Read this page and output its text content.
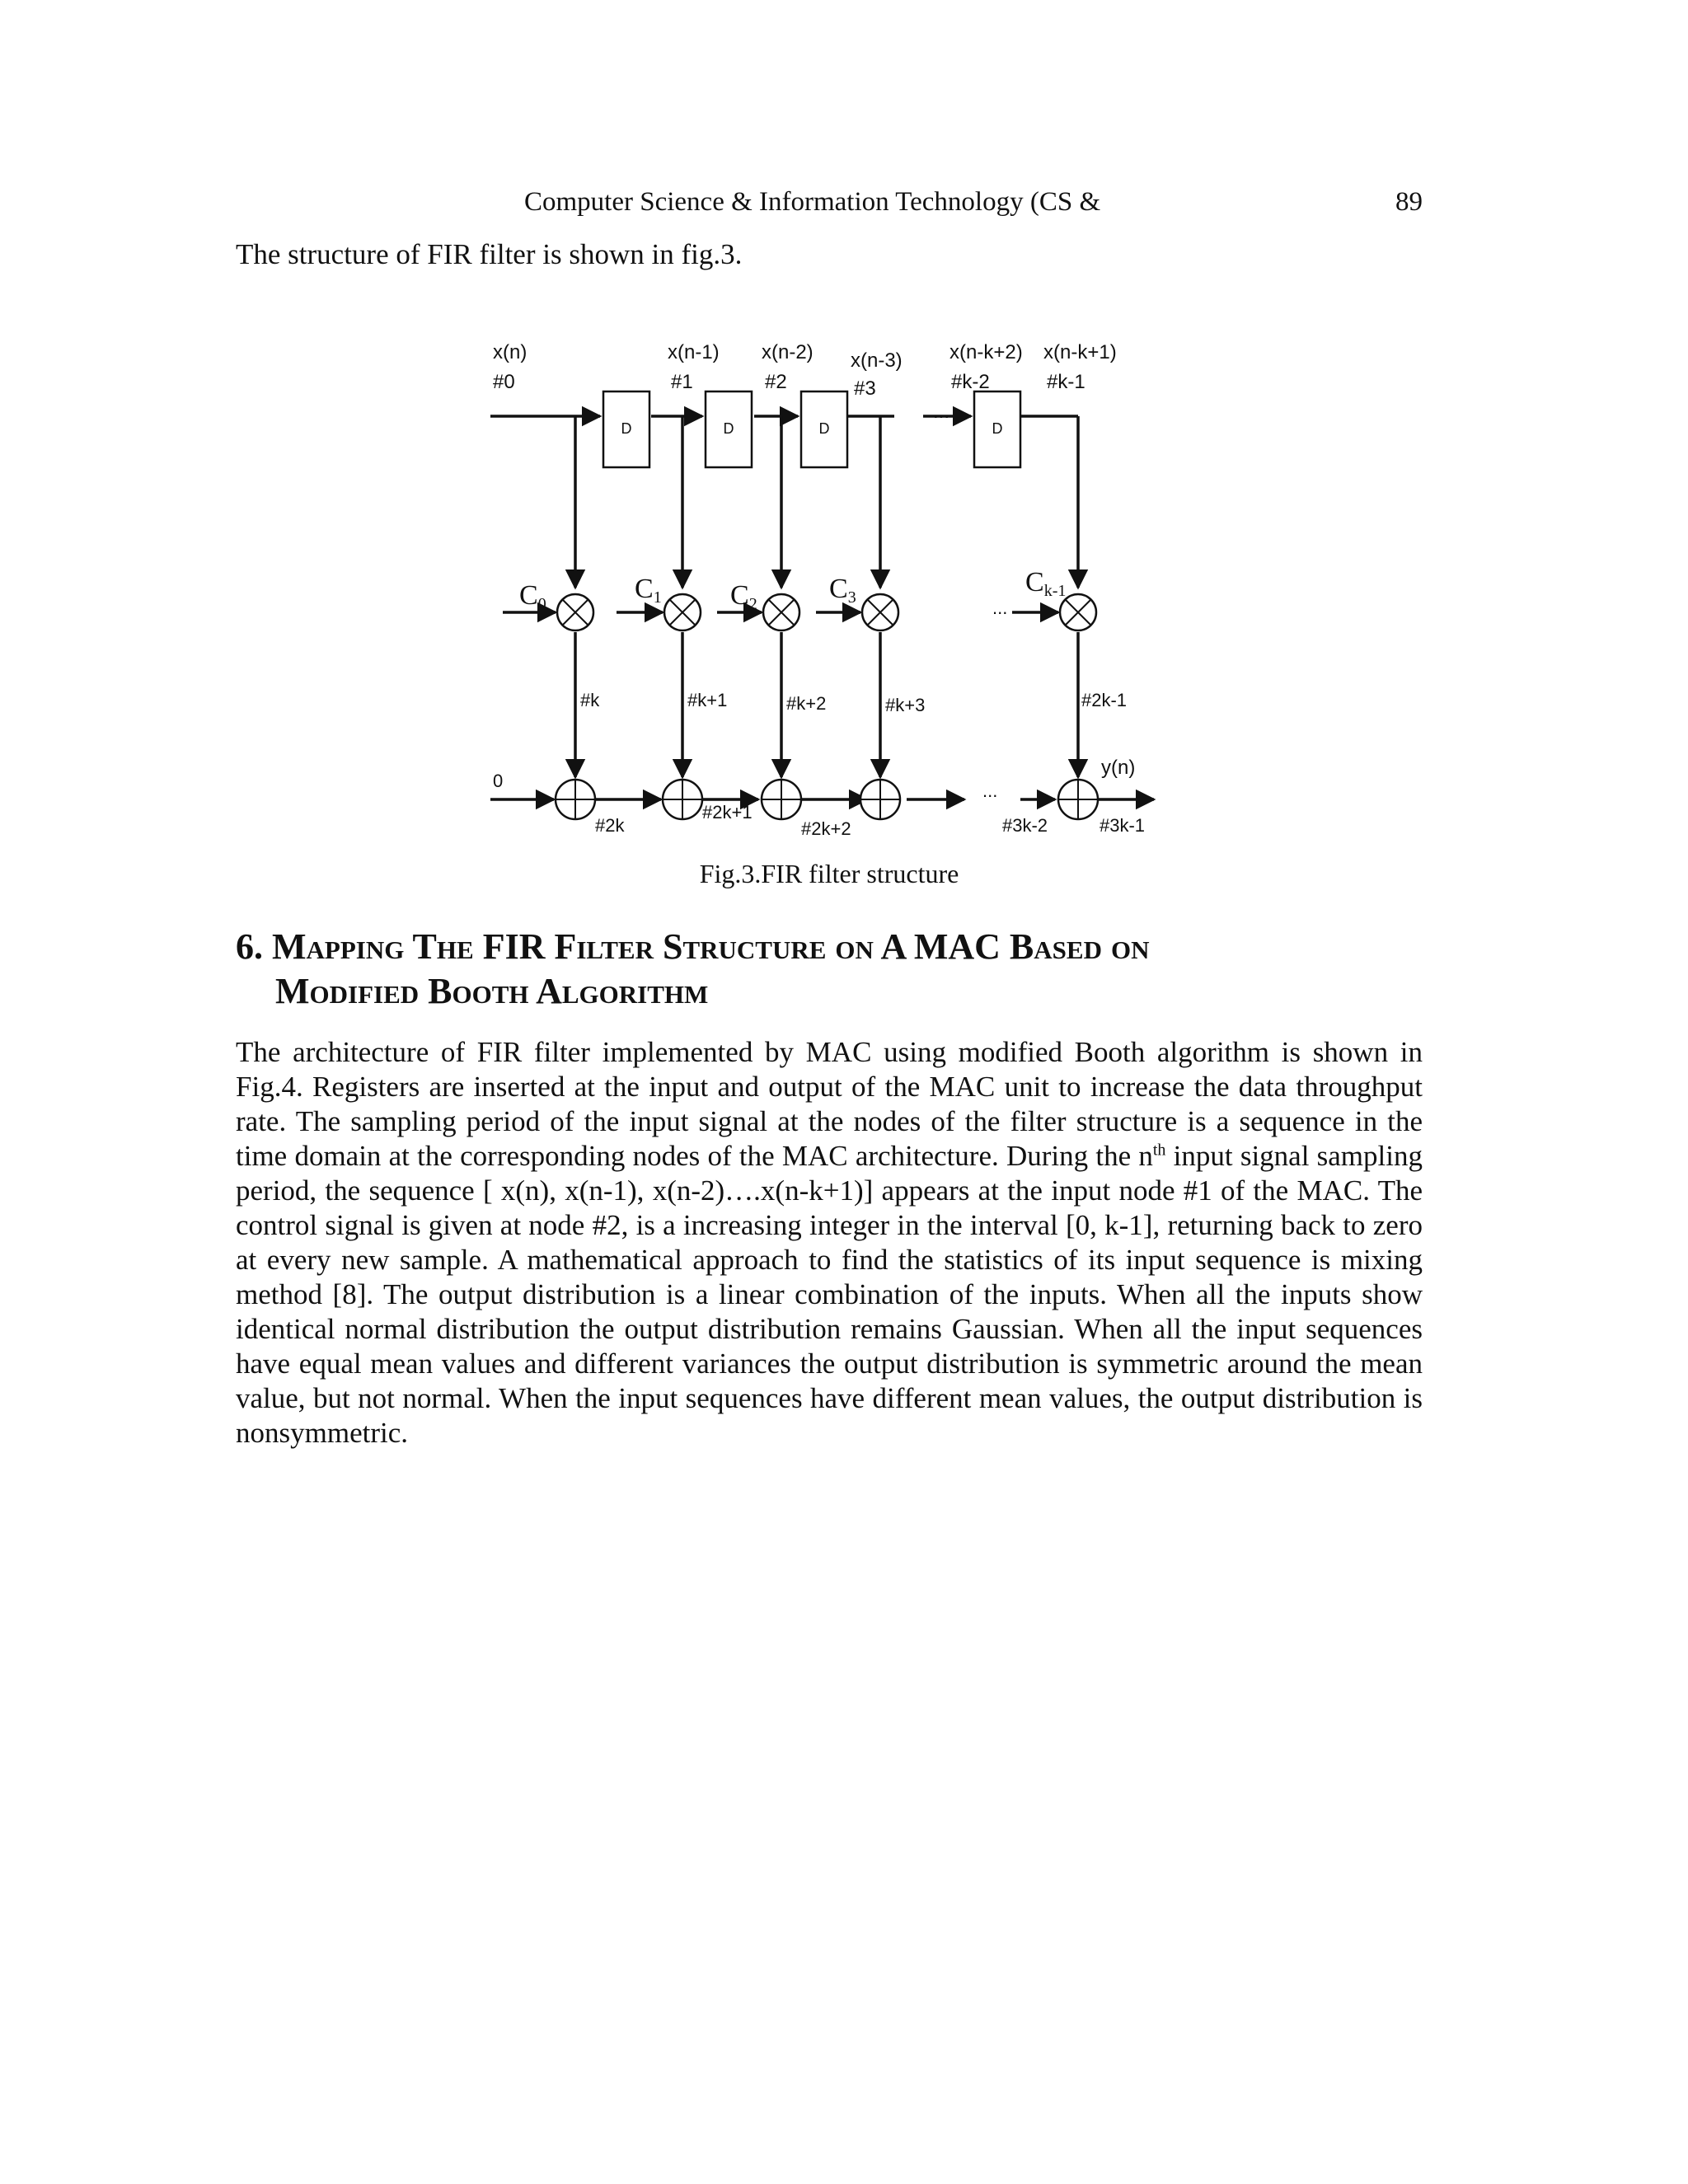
Computer Science & Information Technology (CS &	89
The structure of FIR filter is shown in fig.3.
D	D	D	D
x(n)
#0
x(n-1)
#1
x(n-2)
#2
x(n-3)
#3
x(n-k+2)
#k-2
x(n-k+1)
#k-1
...
C0	C1 C2	C3	Ck-1
...
#k	#k+1	#k+2	#k+3	#2k-1
0
#2k
#2k+1
#2k+2	#3k-2	#3k-1
y(n)
...
Fig.3.FIR filter structure
6. Mapping The FIR Filter Structure on A MAC Based on
Modified Booth Algorithm
The architecture of FIR filter implemented by MAC using modified Booth algorithm is shown in Fig.4. Registers are inserted at the input and output of the MAC unit to increase the data throughput rate. The sampling period of the input signal at the nodes of the filter structure is a sequence in the time domain at the corresponding nodes of the MAC architecture. During the $n^{th}$ input signal sampling period, the sequence [ x(n), x(n-1), x(n-2)….x(n-k+1)] appears at the input node #1 of the MAC. The control signal is given at node #2, is a increasing integer in the interval [0, k-1], returning back to zero at every new sample. A mathematical approach to find the statistics of its input sequence is mixing method [8]. The output distribution is a linear combination of the inputs. When all the inputs show identical normal distribution the output distribution remains Gaussian. When all the input sequences have equal mean values and different variances the output distribution is symmetric around the mean value, but not normal. When the input sequences have different mean values, the output distribution is nonsymmetric.
